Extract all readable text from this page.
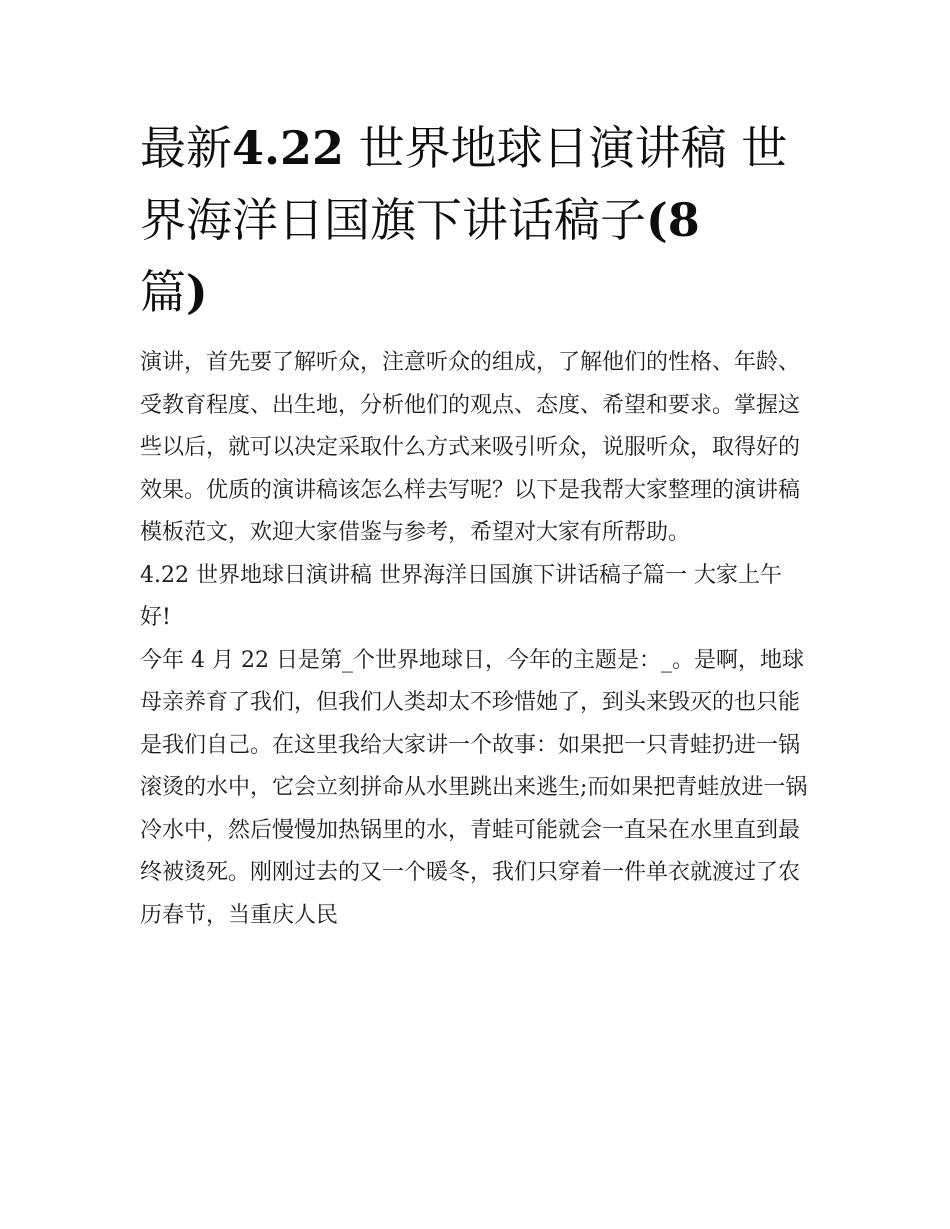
最新4.22 世界地球日演讲稿 世界海洋日国旗下讲话稿子(8
篇)

演讲，首先要了解听众，注意听众的组成，了解他们的性格、年龄、受教育程度、出生地，分析他们的观点、态度、希望和要求。掌握这些以后，就可以决定采取什么方式来吸引听众，说服听众，取得好的效果。优质的演讲稿该怎么样去写呢？以下是我帮大家整理的演讲稿模板范文，欢迎大家借鉴与参考，希望对大家有所帮助。

4.22 世界地球日演讲稿 世界海洋日国旗下讲话稿子篇一 大家上午好!

今年 4 月 22 日是第_个世界地球日，今年的主题是：_。是啊，地球母亲养育了我们，但我们人类却太不珍惜她了，到头来毁灭的也只能是我们自己。在这里我给大家讲一个故事：如果把一只青蛙扔进一锅滚烫的水中，它会立刻拼命从水里跳出来逃生;而如果把青蛙放进一锅冷水中，然后慢慢加热锅里的水，青蛙可能就会一直呆在水里直到最终被烫死。刚刚过去的又一个暖冬，我们只穿着一件单衣就渡过了农历春节，当重庆人民
